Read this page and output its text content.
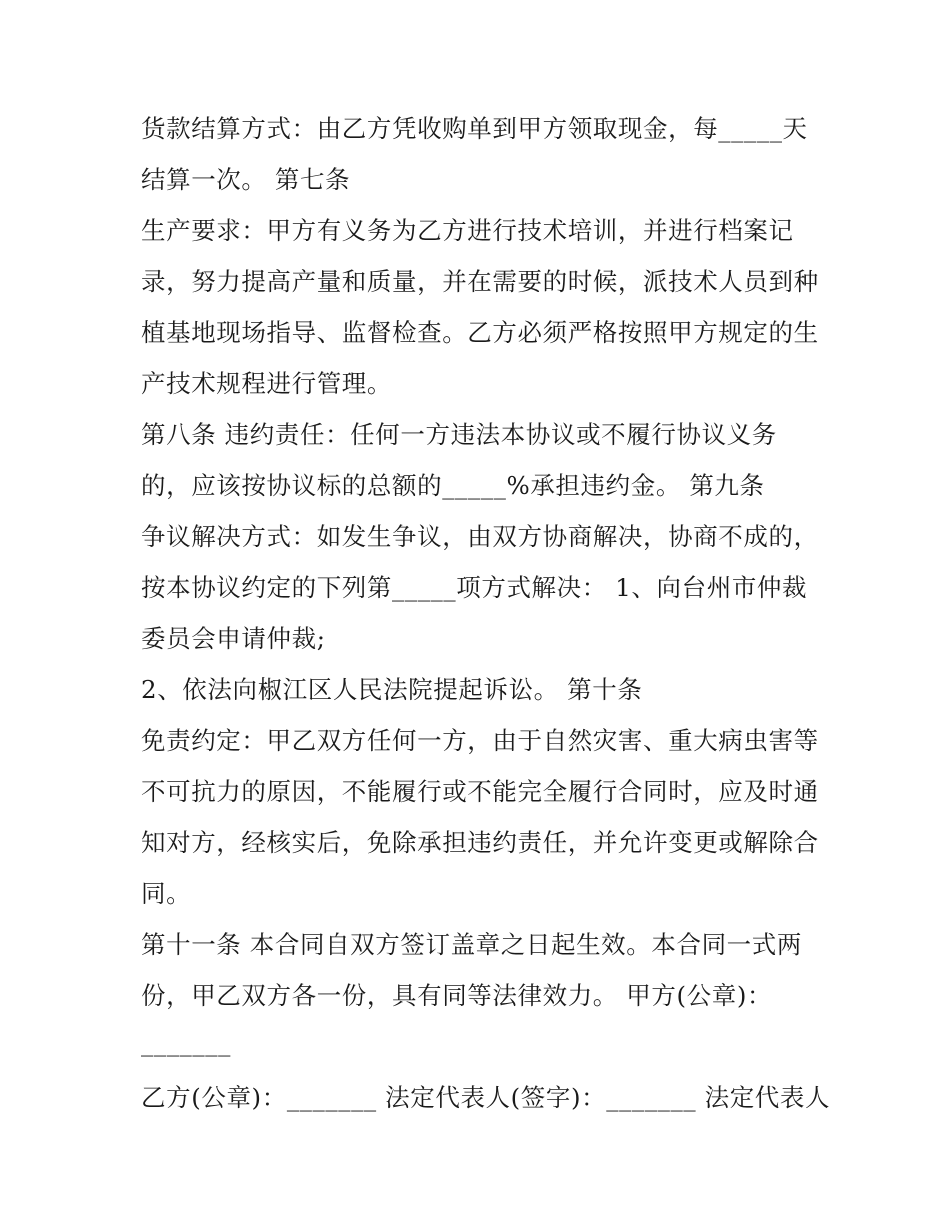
货款结算方式：由乙方凭收购单到甲方领取现金，每_____天
结算一次。 第七条
生产要求：甲方有义务为乙方进行技术培训，并进行档案记
录，努力提高产量和质量，并在需要的时候，派技术人员到种
植基地现场指导、监督检查。乙方必须严格按照甲方规定的生
产技术规程进行管理。
第八条 违约责任：任何一方违法本协议或不履行协议义务
的，应该按协议标的总额的_____%承担违约金。 第九条
争议解决方式：如发生争议，由双方协商解决，协商不成的，
按本协议约定的下列第_____项方式解决： 1、向台州市仲裁
委员会申请仲裁;
2、依法向椒江区人民法院提起诉讼。 第十条
免责约定：甲乙双方任何一方，由于自然灾害、重大病虫害等
不可抗力的原因，不能履行或不能完全履行合同时，应及时通
知对方，经核实后，免除承担违约责任，并允许变更或解除合
同。
第十一条 本合同自双方签订盖章之日起生效。本合同一式两
份，甲乙双方各一份，具有同等法律效力。 甲方(公章)：
_______
乙方(公章)：_______ 法定代表人(签字)：_______ 法定代表人
